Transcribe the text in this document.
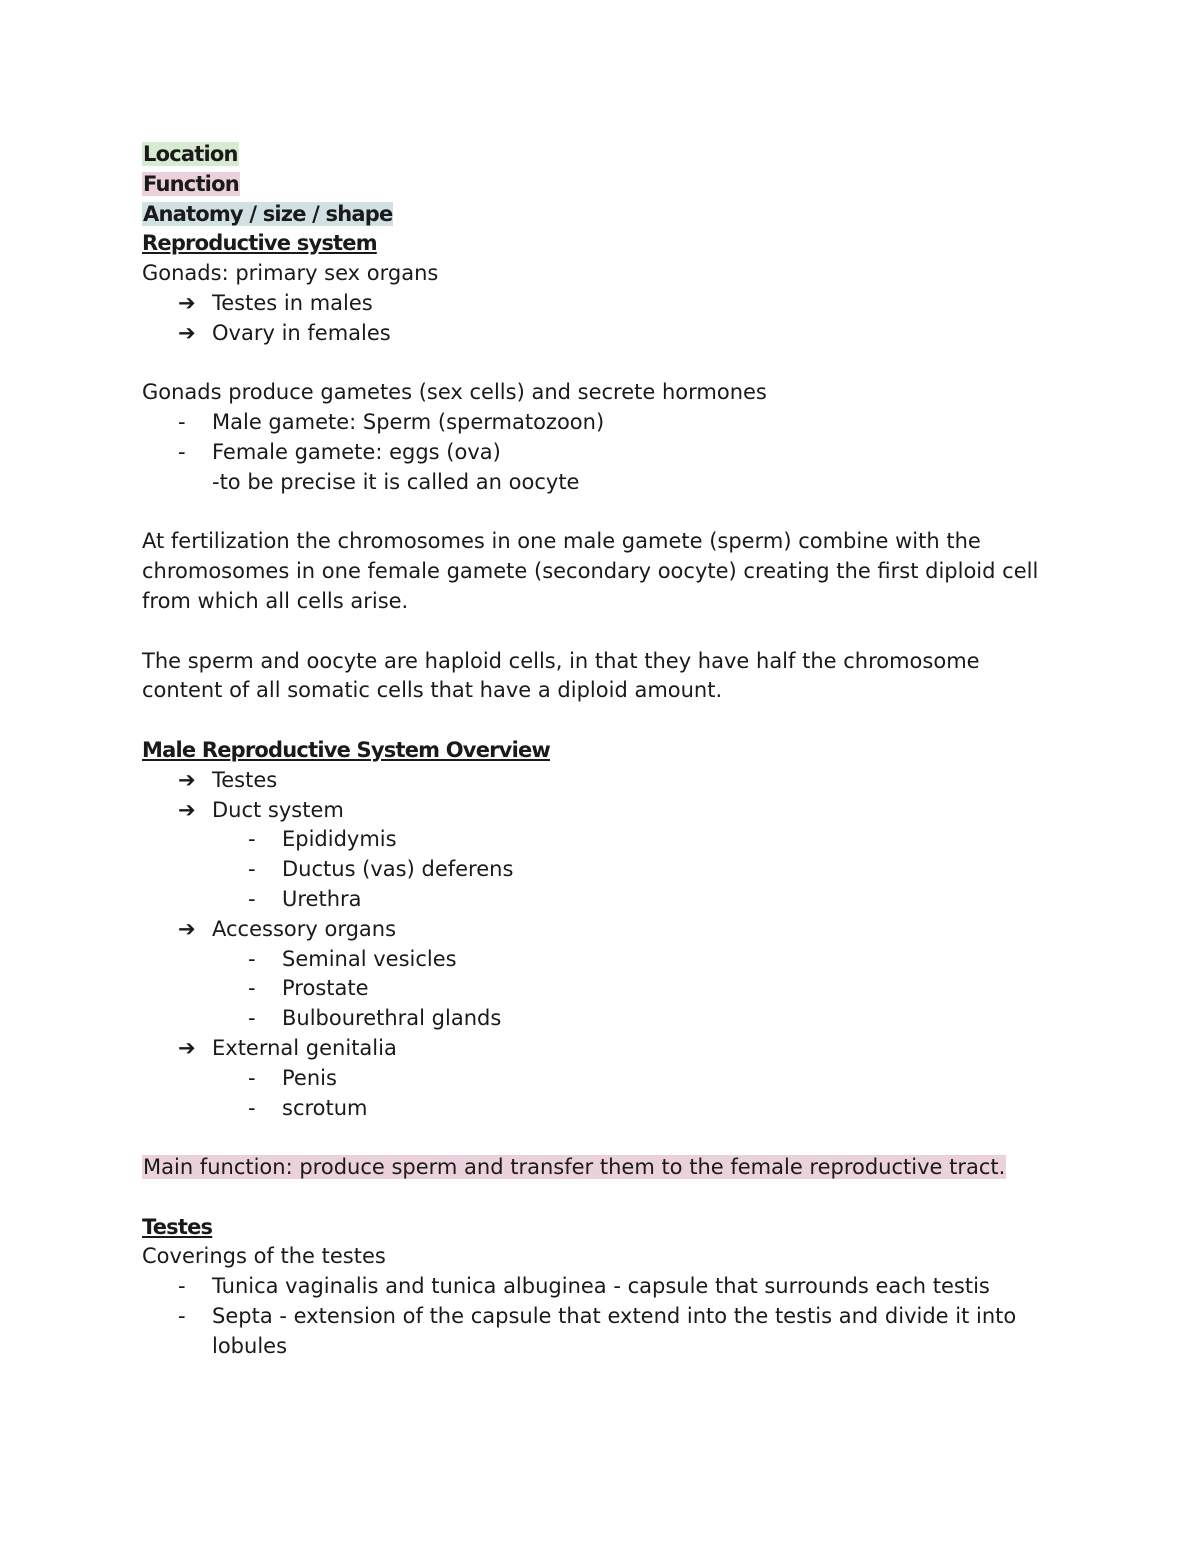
Location
Function
Anatomy / size / shape
Reproductive system
Gonads: primary sex organs
➔ Testes in males
➔ Ovary in females
Gonads produce gametes (sex cells) and secrete hormones
- Male gamete: Sperm (spermatozoon)
- Female gamete: eggs (ova)
-to be precise it is called an oocyte
At fertilization the chromosomes in one male gamete (sperm) combine with the
chromosomes in one female gamete (secondary oocyte) creating the first diploid cell
from which all cells arise.
The sperm and oocyte are haploid cells, in that they have half the chromosome
content of all somatic cells that have a diploid amount.
Male Reproductive System Overview
➔ Testes
➔ Duct system
- Epididymis
- Ductus (vas) deferens
- Urethra
➔ Accessory organs
- Seminal vesicles
- Prostate
- Bulbourethral glands
➔ External genitalia
- Penis
- scrotum
Main function: produce sperm and transfer them to the female reproductive tract.
Testes
Coverings of the testes
- Tunica vaginalis and tunica albuginea - capsule that surrounds each testis
- Septa - extension of the capsule that extend into the testis and divide it into
lobules
